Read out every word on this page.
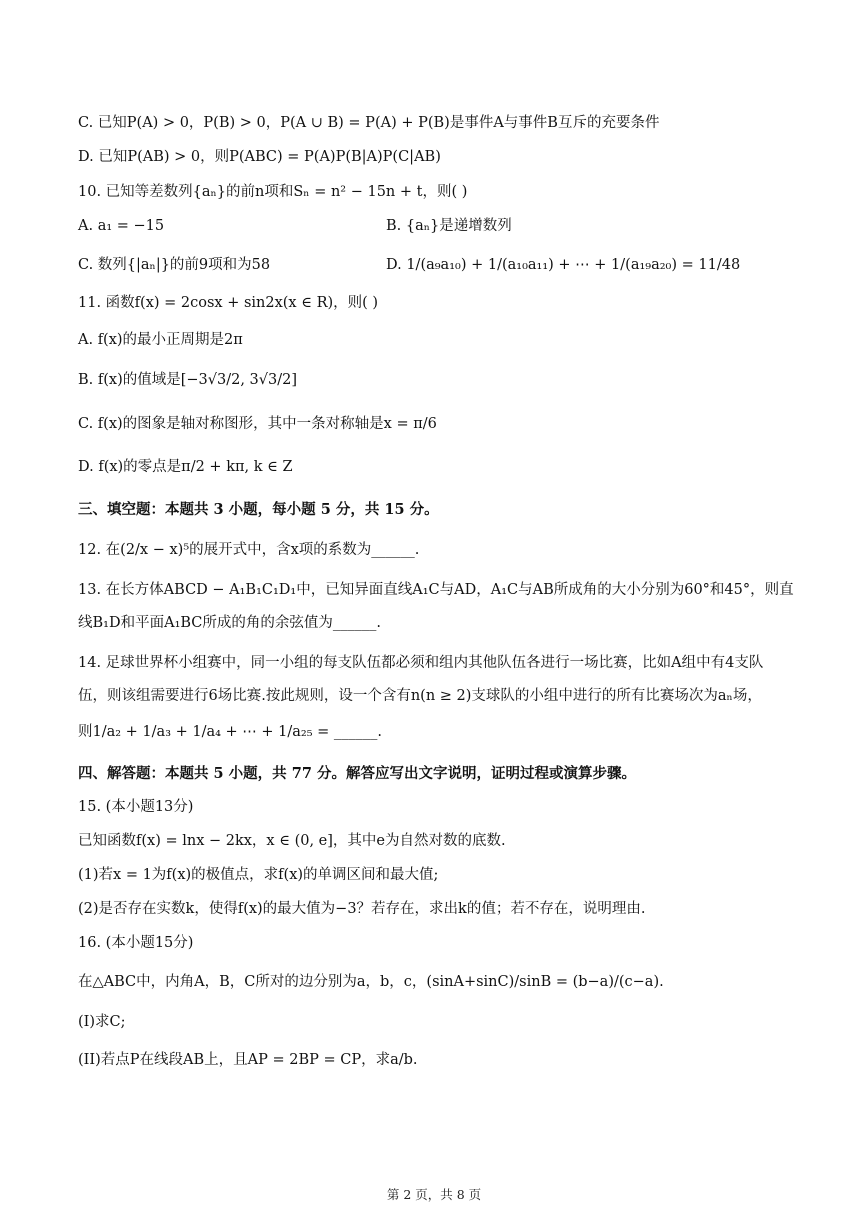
C. 已知P(A) > 0，P(B) > 0，P(A ∪ B) = P(A) + P(B)是事件A与事件B互斥的充要条件
D. 已知P(AB) > 0，则P(ABC) = P(A)P(B|A)P(C|AB)
10. 已知等差数列{aₙ}的前n项和Sₙ = n² − 15n + t，则( )
A. a₁ = −15	B. {aₙ}是递增数列
C. 数列{|aₙ|}的前9项和为58	D. 1/(a₉a₁₀) + 1/(a₁₀a₁₁) + ⋯ + 1/(a₁₉a₂₀) = 11/48
11. 函数f(x) = 2cosx + sin2x(x ∈ R)，则( )
A. f(x)的最小正周期是2π
B. f(x)的值域是[−3√3/2, 3√3/2]
C. f(x)的图象是轴对称图形，其中一条对称轴是x = π/6
D. f(x)的零点是π/2 + kπ, k ∈ Z
三、填空题：本题共 3 小题，每小题 5 分，共 15 分。
12. 在(2/x − x)⁵的展开式中，含x项的系数为______.
13. 在长方体ABCD − A₁B₁C₁D₁中，已知异面直线A₁C与AD，A₁C与AB所成角的大小分别为60°和45°，则直
线B₁D和平面A₁BC所成的角的余弦值为______.
14. 足球世界杯小组赛中，同一小组的每支队伍都必须和组内其他队伍各进行一场比赛，比如A组中有4支队
伍，则该组需要进行6场比赛.按此规则，设一个含有n(n ≥ 2)支球队的小组中进行的所有比赛场次为aₙ场，
则1/a₂ + 1/a₃ + 1/a₄ + ⋯ + 1/a₂₅ = ______.
四、解答题：本题共 5 小题，共 77 分。解答应写出文字说明，证明过程或演算步骤。
15. (本小题13分)
已知函数f(x) = lnx − 2kx，x ∈ (0, e]，其中e为自然对数的底数.
(1)若x = 1为f(x)的极值点，求f(x)的单调区间和最大值;
(2)是否存在实数k，使得f(x)的最大值为−3？若存在，求出k的值；若不存在，说明理由.
16. (本小题15分)
在△ABC中，内角A，B，C所对的边分别为a，b，c，(sinA+sinC)/sinB = (b−a)/(c−a).
(I)求C;
(II)若点P在线段AB上，且AP = 2BP = CP，求a/b.
第 2 页，共 8 页
